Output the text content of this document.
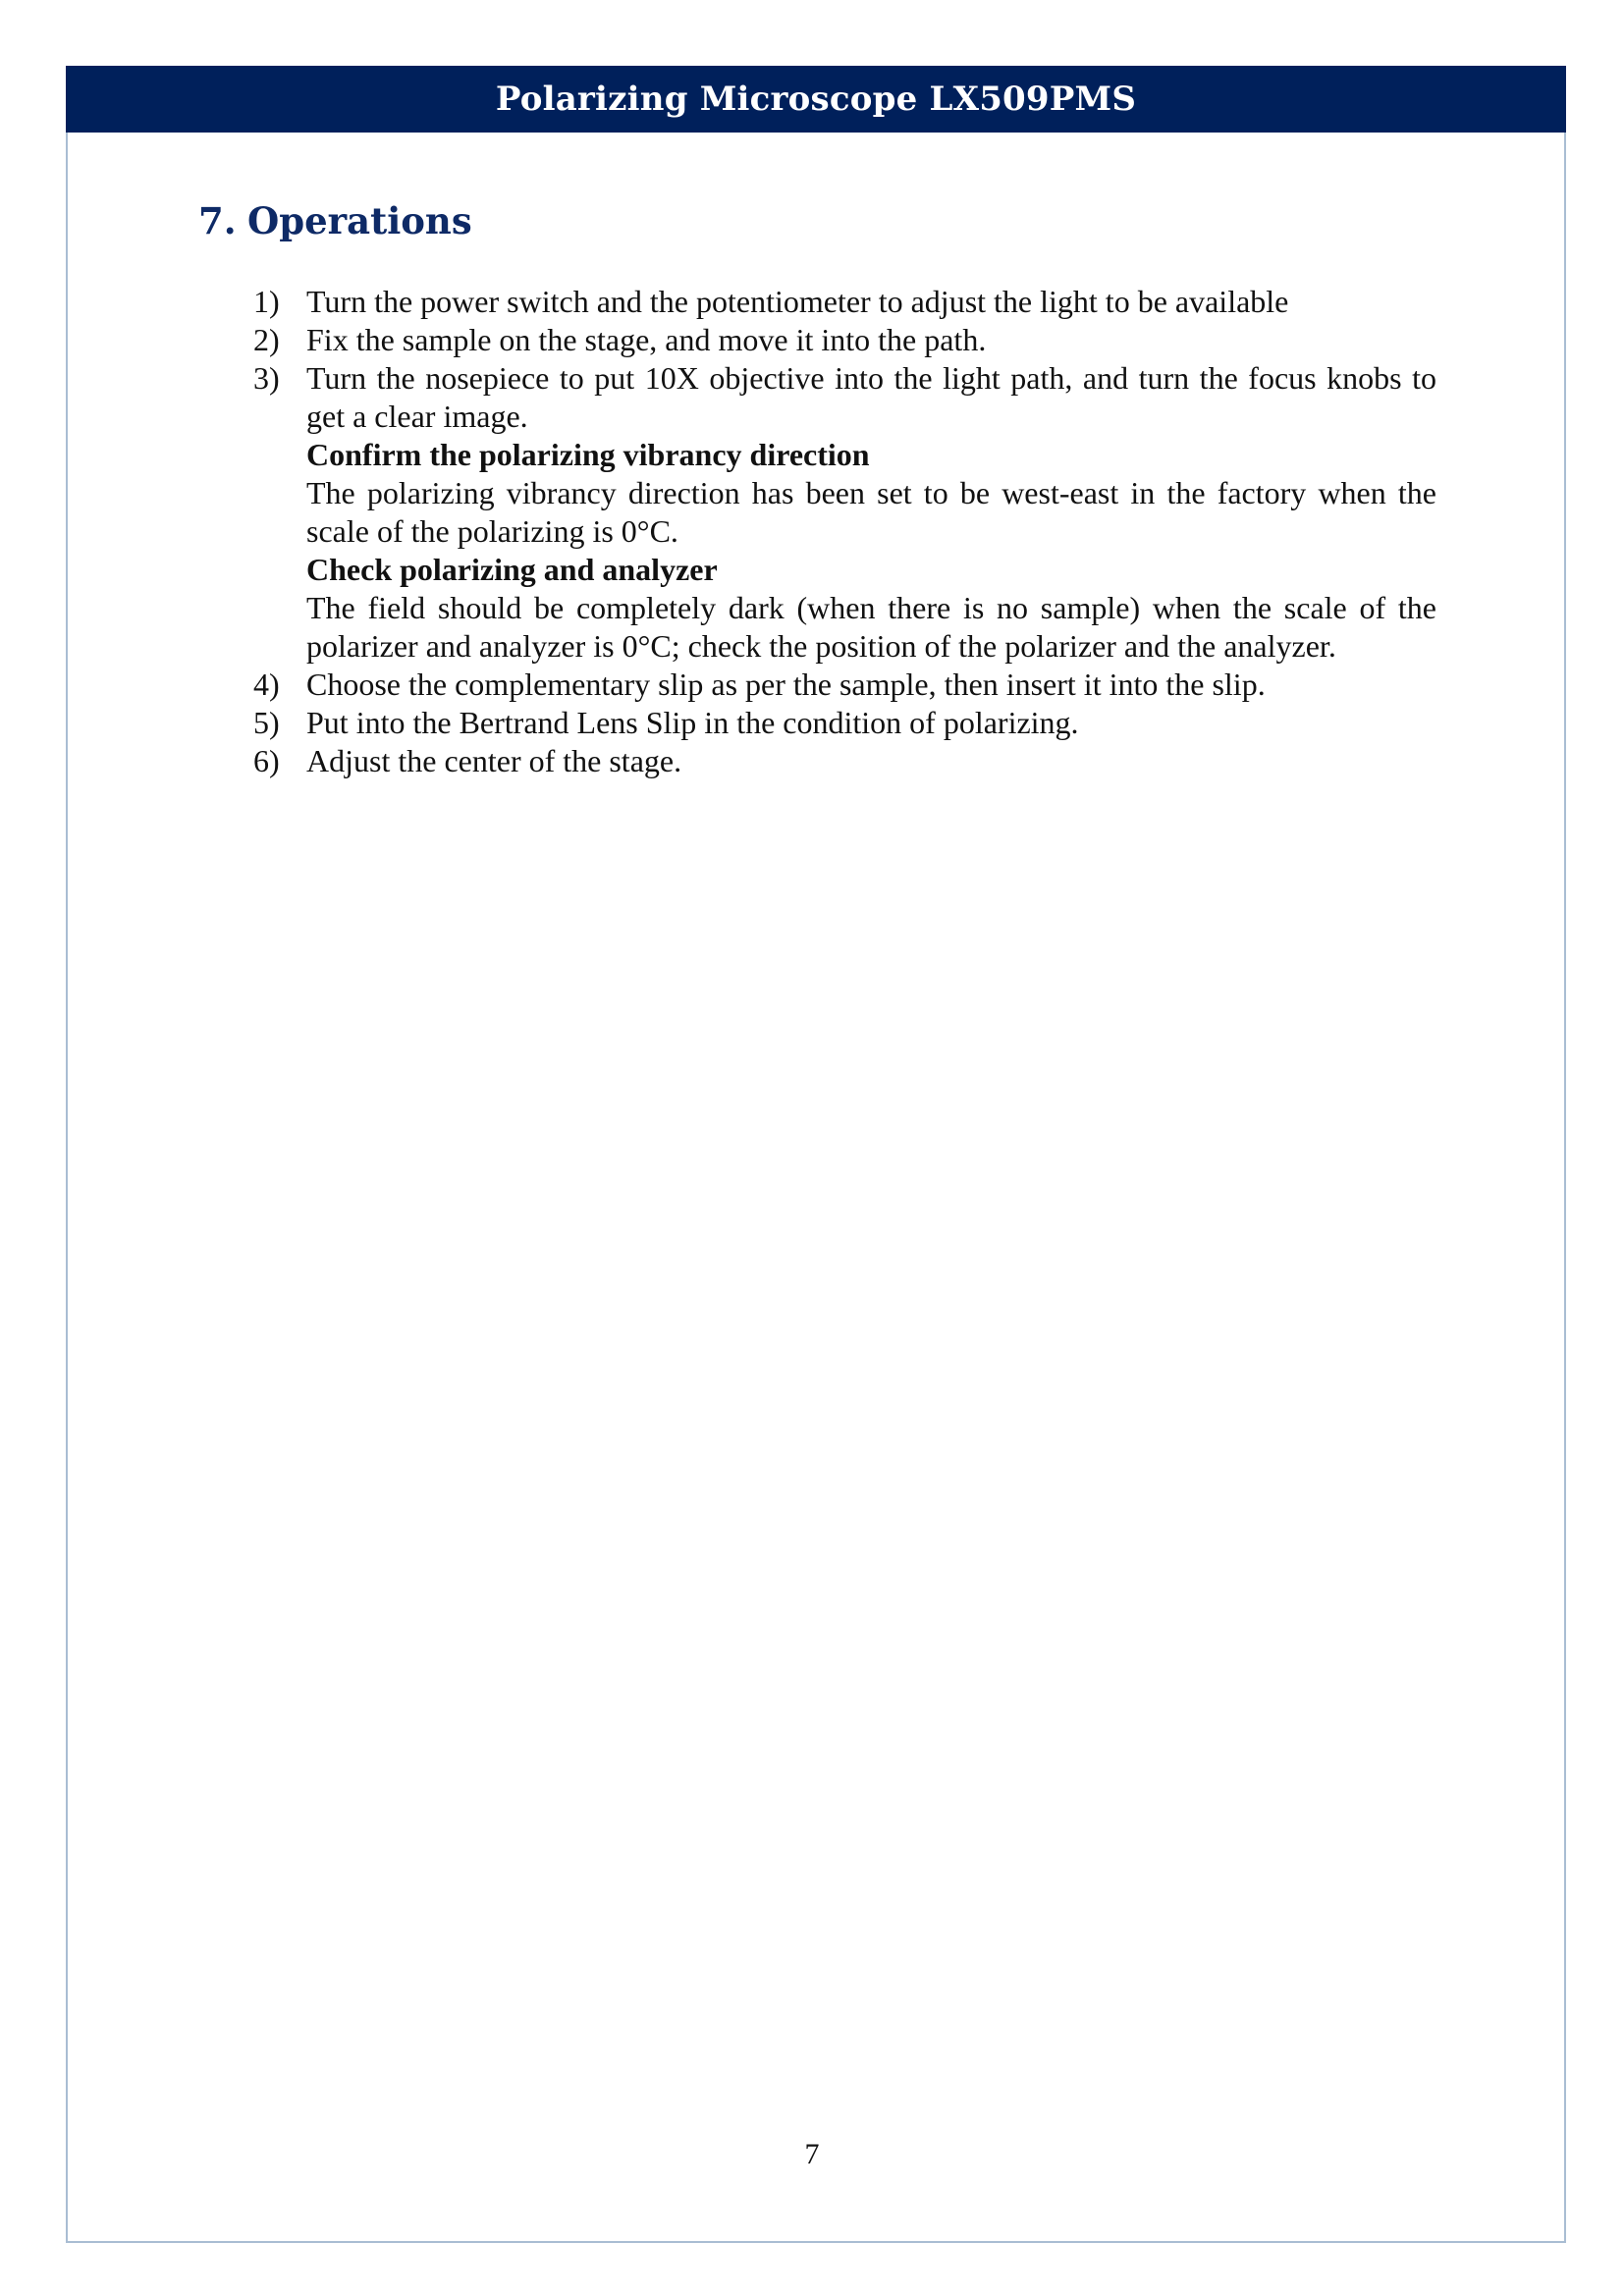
Polarizing Microscope LX509PMS
7. Operations
1) Turn the power switch and the potentiometer to adjust the light to be available
2) Fix the sample on the stage, and move it into the path.
3) Turn the nosepiece to put 10X objective into the light path, and turn the focus knobs to get a clear image.
Confirm the polarizing vibrancy direction
The polarizing vibrancy direction has been set to be west-east in the factory when the scale of the polarizing is 0°C.
Check polarizing and analyzer
The field should be completely dark (when there is no sample) when the scale of the polarizer and analyzer is 0°C; check the position of the polarizer and the analyzer.
4) Choose the complementary slip as per the sample, then insert it into the slip.
5) Put into the Bertrand Lens Slip in the condition of polarizing.
6) Adjust the center of the stage.
7
